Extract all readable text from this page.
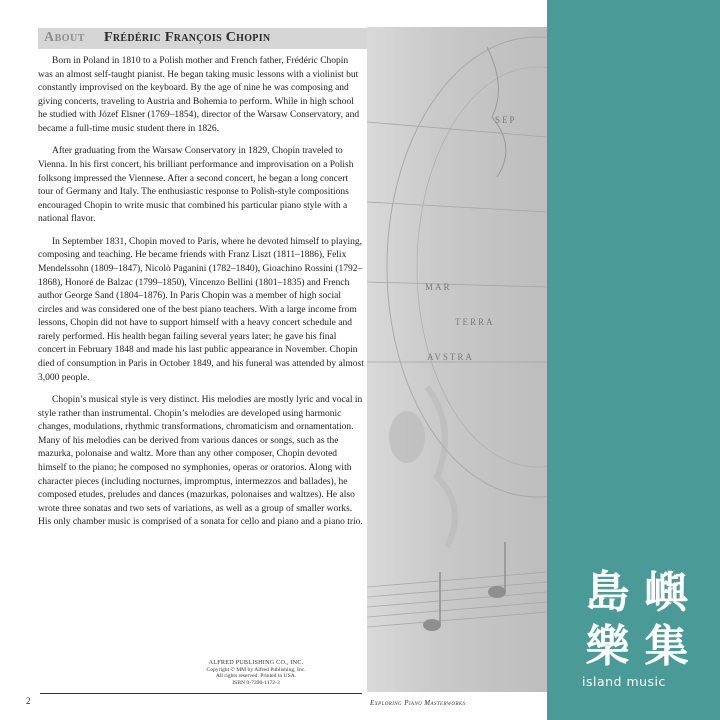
About Frédéric François Chopin

Born in Poland in 1810 to a Polish mother and French father, Frédéric Chopin was an almost self-taught pianist. He began taking music lessons with a violinist but constantly improvised on the keyboard. By the age of nine he was composing and giving concerts, traveling to Austria and Bohemia to perform. While in high school he studied with Józef Elsner (1769–1854), director of the Warsaw Conservatory, and became a full-time music student there in 1826.

After graduating from the Warsaw Conservatory in 1829, Chopin traveled to Vienna. In his first concert, his brilliant performance and improvisation on a Polish folksong impressed the Viennese. After a second concert, he began a long concert tour of Germany and Italy. The enthusiastic response to Polish-style compositions encouraged Chopin to write music that combined his particular piano style with a national flavor.

In September 1831, Chopin moved to Paris, where he devoted himself to playing, composing and teaching. He became friends with Franz Liszt (1811–1886), Felix Mendelssohn (1809–1847), Nicolò Paganini (1782–1840), Gioachino Rossini (1792–1868), Honoré de Balzac (1799–1850), Vincenzo Bellini (1801–1835) and French author George Sand (1804–1876). In Paris Chopin was a member of high social circles and was considered one of the best piano teachers. With a large income from lessons, Chopin did not have to support himself with a heavy concert schedule and rarely performed. His health began failing several years later; he gave his final concert in February 1848 and made his last public appearance in November. Chopin died of consumption in Paris in October 1849, and his funeral was attended by almost 3,000 people.

Chopin’s musical style is very distinct. His melodies are mostly lyric and vocal in style rather than instrumental. Chopin’s melodies are developed using harmonic changes, modulations, rhythmic transformations, chromaticism and ornamentation. Many of his melodies can be derived from various dances or songs, such as the mazurka, polonaise and waltz. More than any other composer, Chopin devoted himself to the piano; he composed no symphonies, operas or oratorios. Along with character pieces (including nocturnes, impromptus, intermezzos and ballades), he composed etudes, preludes and dances (mazurkas, polonaises and waltzes). He also wrote three sonatas and two sets of variations, as well as a group of smaller works. His only chamber music is comprised of a sonata for cello and piano and a piano trio.

SEP
MAR
TERRA
AVSTRA
ALFRED PUBLISHING CO., INC.
Copyright © MM by Alfred Publishing, Inc.
All rights reserved. Printed in USA.
ISBN 0-7390-1172-3
2	Exploring Piano Masterworks
島 嶼
樂 集
island music
